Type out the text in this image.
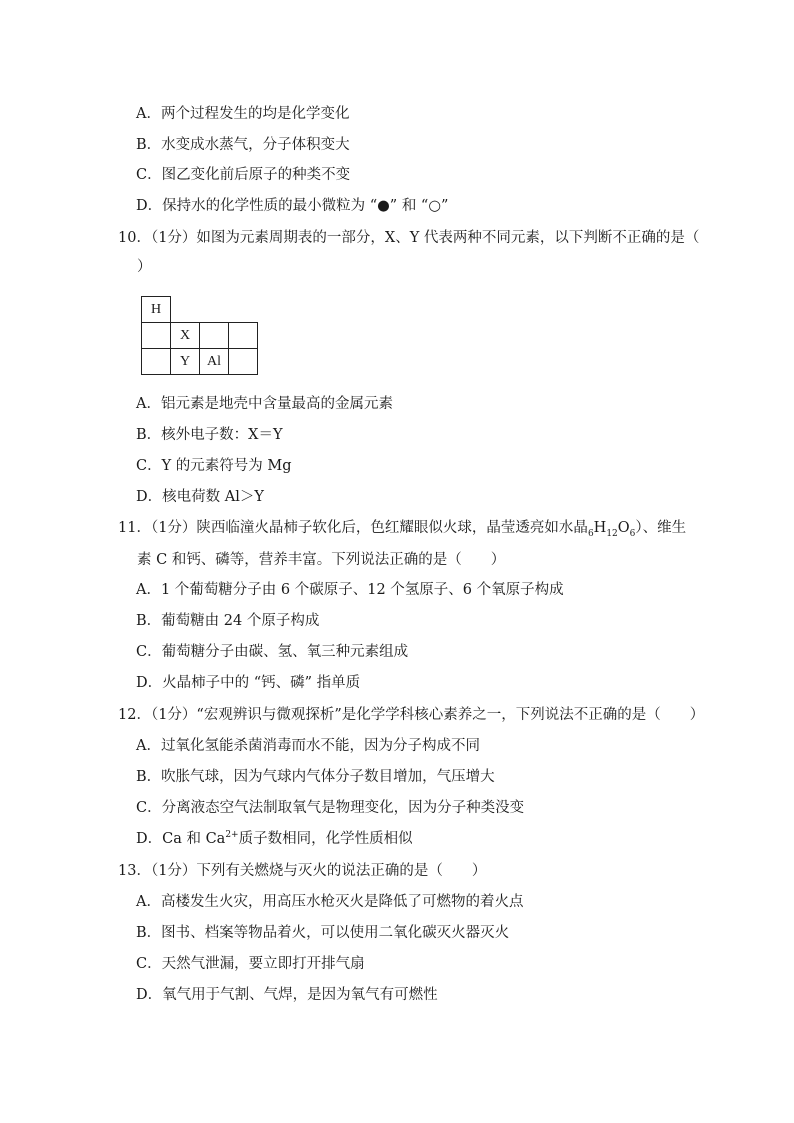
A．两个过程发生的均是化学变化
B．水变成水蒸气，分子体积变大
C．图乙变化前后原子的种类不变
D．保持水的化学性质的最小微粒为 “●” 和 “○”
10．（1分）如图为元素周期表的一部分，X、Y 代表两种不同元素，以下判断不正确的是（
）
H			
	X		
	Y	Al	
A．铝元素是地壳中含量最高的金属元素
B．核外电子数：X＝Y
C．Y 的元素符号为 Mg
D．核电荷数 Al＞Y
11．（1分）陕西临潼火晶柿子软化后，色红耀眼似火球，晶莹透亮如水晶$_6H_{12}O_6$）、维生
素 C 和钙、磷等，营养丰富。下列说法正确的是（　　）
A．1 个葡萄糖分子由 6 个碳原子、12 个氢原子、6 个氧原子构成
B．葡萄糖由 24 个原子构成
C．葡萄糖分子由碳、氢、氧三种元素组成
D．火晶柿子中的 “钙、磷” 指单质
12．（1分）“宏观辨识与微观探析”是化学学科核心素养之一，下列说法不正确的是（　　）
A．过氧化氢能杀菌消毒而水不能，因为分子构成不同
B．吹胀气球，因为气球内气体分子数目增加，气压增大
C．分离液态空气法制取氧气是物理变化，因为分子种类没变
D．Ca 和 $Ca^{2+}$质子数相同，化学性质相似
13．（1分）下列有关燃烧与灭火的说法正确的是（　　）
A．高楼发生火灾，用高压水枪灭火是降低了可燃物的着火点
B．图书、档案等物品着火，可以使用二氧化碳灭火器灭火
C．天然气泄漏，要立即打开排气扇
D．氧气用于气割、气焊，是因为氧气有可燃性
